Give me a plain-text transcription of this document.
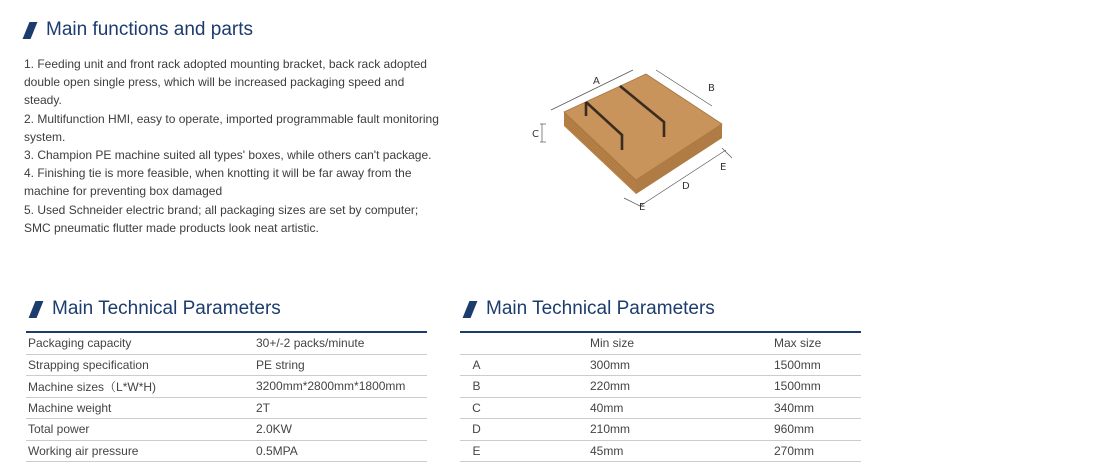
Main functions and parts

1. Feeding unit and front rack adopted mounting bracket, back rack adopted double open single press, which will be increased packaging speed and steady.

2. Multifunction HMI, easy to operate, imported programmable fault monitoring system.

3. Champion PE machine suited all types' boxes, while others can't package.

4. Finishing tie is more feasible, when knotting it will be far away from the machine for preventing box damaged

5. Used Schneider electric brand; all packaging sizes are set by computer; SMC pneumatic flutter made products look neat artistic.

A
B
C
D
E
E
Main Technical Parameters	Main Technical Parameters
Packaging capacity	30+/-2 packs/minute
Strapping specification	PE string
Machine sizes（L*W*H)	3200mm*2800mm*1800mm
Machine weight	2T
Total power	2.0KW
Working air pressure	0.5MPA
	Min size	Max size
A	300mm	1500mm
B	220mm	1500mm
C	40mm	340mm
D	210mm	960mm
E	45mm	270mm
